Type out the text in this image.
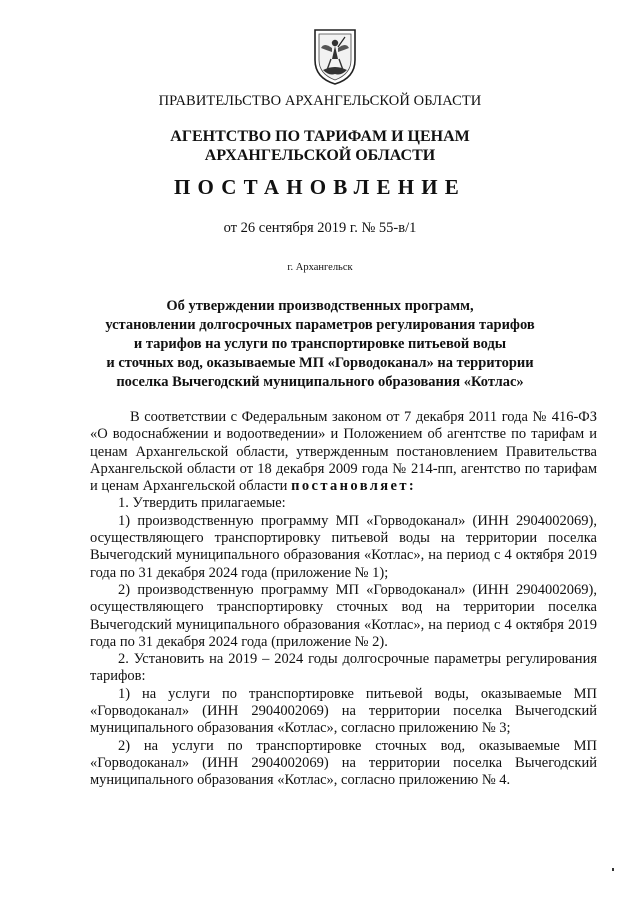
ПРАВИТЕЛЬСТВО АРХАНГЕЛЬСКОЙ ОБЛАСТИ
АГЕНТСТВО ПО ТАРИФАМ И ЦЕНАМ
АРХАНГЕЛЬСКОЙ ОБЛАСТИ
ПОСТАНОВЛЕНИЕ
от 26 сентября 2019 г. № 55-в/1
г. Архангельск
Об утверждении производственных программ,
установлении долгосрочных параметров регулирования тарифов
и тарифов на услуги по транспортировке питьевой воды
и сточных вод, оказываемые МП «Горводоканал» на территории
поселка Вычегодский муниципального образования «Котлас»

В соответствии с Федеральным законом от 7 декабря 2011 года № 416-ФЗ «О водоснабжении и водоотведении» и Положением об агентстве по тарифам и ценам Архангельской области, утвержденным постановлением Правительства Архангельской области от 18 декабря 2009 года № 214-пп, агентство по тарифам и ценам Архангельской области постановляет:

1. Утвердить прилагаемые:

1) производственную программу МП «Горводоканал» (ИНН 2904002069), осуществляющего транспортировку питьевой воды на территории поселка Вычегодский муниципального образования «Котлас», на период с 4 октября 2019 года по 31 декабря 2024 года (приложение № 1);

2) производственную программу МП «Горводоканал» (ИНН 2904002069), осуществляющего транспортировку сточных вод на территории поселка Вычегодский муниципального образования «Котлас», на период с 4 октября 2019 года по 31 декабря 2024 года (приложение № 2).

2. Установить на 2019 – 2024 годы долгосрочные параметры регулирования тарифов:

1) на услуги по транспортировке питьевой воды, оказываемые МП «Горводоканал» (ИНН 2904002069) на территории поселка Вычегодский муниципального образования «Котлас», согласно приложению № 3;

2) на услуги по транспортировке сточных вод, оказываемые МП «Горводоканал» (ИНН 2904002069) на территории поселка Вычегодский муниципального образования «Котлас», согласно приложению № 4.
